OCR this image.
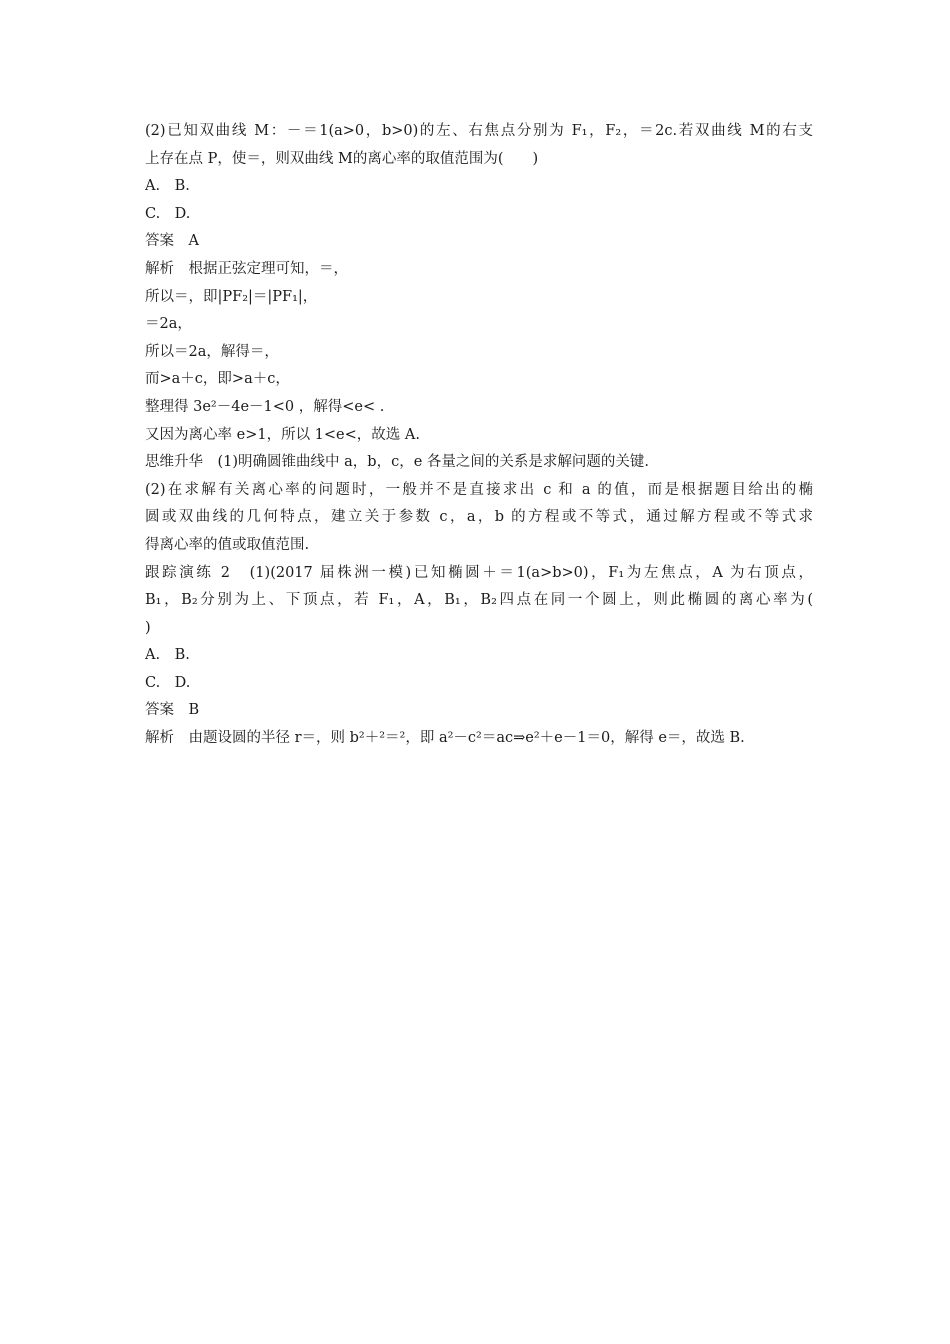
(2)已知双曲线 M：－＝1(a>0，b>0)的左、右焦点分别为 F₁，F₂，＝2c.若双曲线 M的右支
上存在点 P，使＝，则双曲线 M的离心率的取值范围为(　　)
A.　B.
C.　D.
答案　A
解析　根据正弦定理可知，＝，
所以＝，即|PF₂|＝|PF₁|，
＝2a，
所以＝2a，解得＝，
而>a＋c，即>a＋c，
整理得 3e²－4e－1<0 ，解得<e< .
又因为离心率 e>1，所以 1<e<，故选 A.
思维升华　(1)明确圆锥曲线中 a，b，c，e 各量之间的关系是求解问题的关键.
(2)在求解有关离心率的问题时，一般并不是直接求出 c 和 a 的值，而是根据题目给出的椭
圆或双曲线的几何特点，建立关于参数 c，a，b 的方程或不等式，通过解方程或不等式求
得离心率的值或取值范围.
跟踪演练 2　(1)(2017 届株洲一模)已知椭圆＋＝1(a>b>0)，F₁为左焦点，A 为右顶点，
B₁，B₂分别为上、下顶点，若 F₁，A，B₁，B₂四点在同一个圆上，则此椭圆的离心率为(
)
A.　B.
C.　D.
答案　B
解析　由题设圆的半径 r＝，则 b²＋²＝²，即 a²－c²＝ac⇒e²＋e－1＝0，解得 e＝，故选 B.
